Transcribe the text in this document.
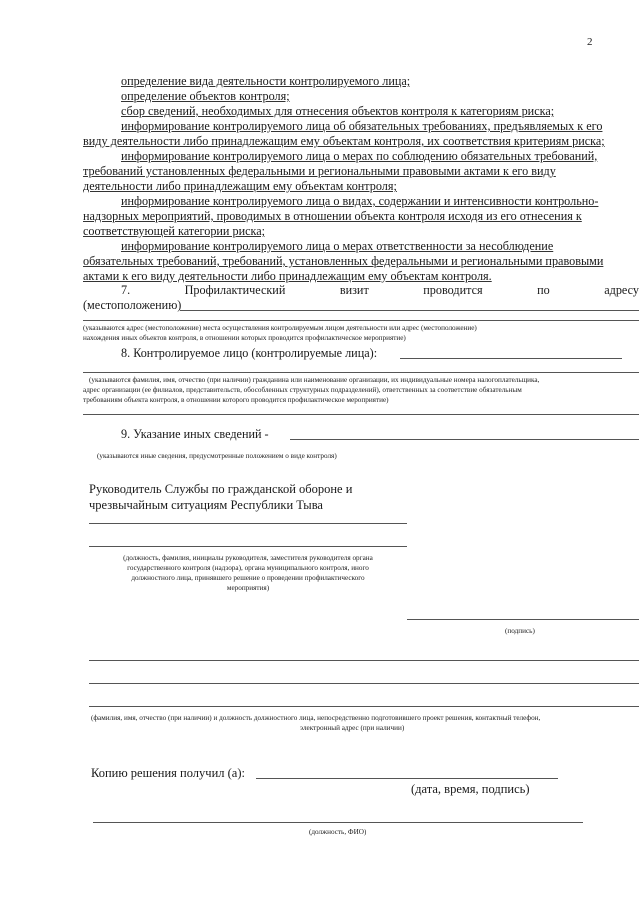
2
определение вида деятельности контролируемого лица;
определение объектов контроля;
сбор сведений, необходимых для отнесения объектов контроля к категориям риска;
информирование контролируемого лица об обязательных требованиях, предъявляемых к его
виду деятельности либо принадлежащим ему объектам контроля, их соответствия критериям риска;
информирование контролируемого лица о мерах по соблюдению обязательных требований,
требований установленных федеральными и региональными правовыми актами к его виду
деятельности либо принадлежащим ему объектам контроля;
информирование контролируемого лица о видах, содержании и интенсивности контрольно-
надзорных мероприятий, проводимых в отношении объекта контроля исходя из его отнесения к
соответствующей категории риска;
информирование контролируемого лица о мерах ответственности за несоблюдение
обязательных требований, требований, установленных федеральными и региональными правовыми
актами к его виду деятельности либо принадлежащим ему объектам контроля.
7.	Профилактический	визит	проводится	по	адресу
(местоположению)
(указываются адрес (местоположение) места осуществления контролируемым лицом деятельности или адрес (местоположение)
нахождения иных объектов контроля, в отношении которых проводится профилактическое мероприятие)
8. Контролируемое лицо (контролируемые лица):
(указываются фамилия, имя, отчество (при наличии) гражданина или наименование организации, их индивидуальные номера налогоплательщика,
адрес организации (ее филиалов, представительств, обособленных структурных подразделений), ответственных за соответствие обязательным
требованиям объекта контроля, в отношении которого проводится профилактическое мероприятие)
9. Указание иных сведений -
(указываются иные сведения, предусмотренные положением о виде контроля)
Руководитель Службы по гражданской обороне и
чрезвычайным ситуациям Республики Тыва
(должность, фамилия, инициалы руководителя, заместителя руководителя органа
государственного контроля (надзора), органа муниципального контроля, иного
должностного лица, принявшего решение о проведении профилактического
мероприятия)
(подпись)
(фамилия, имя, отчество (при наличии) и должность должностного лица, непосредственно подготовившего проект решения, контактный телефон,
электронный адрес (при наличии)
Копию решения получил (а):
(дата, время, подпись)
(должность, ФИО)
